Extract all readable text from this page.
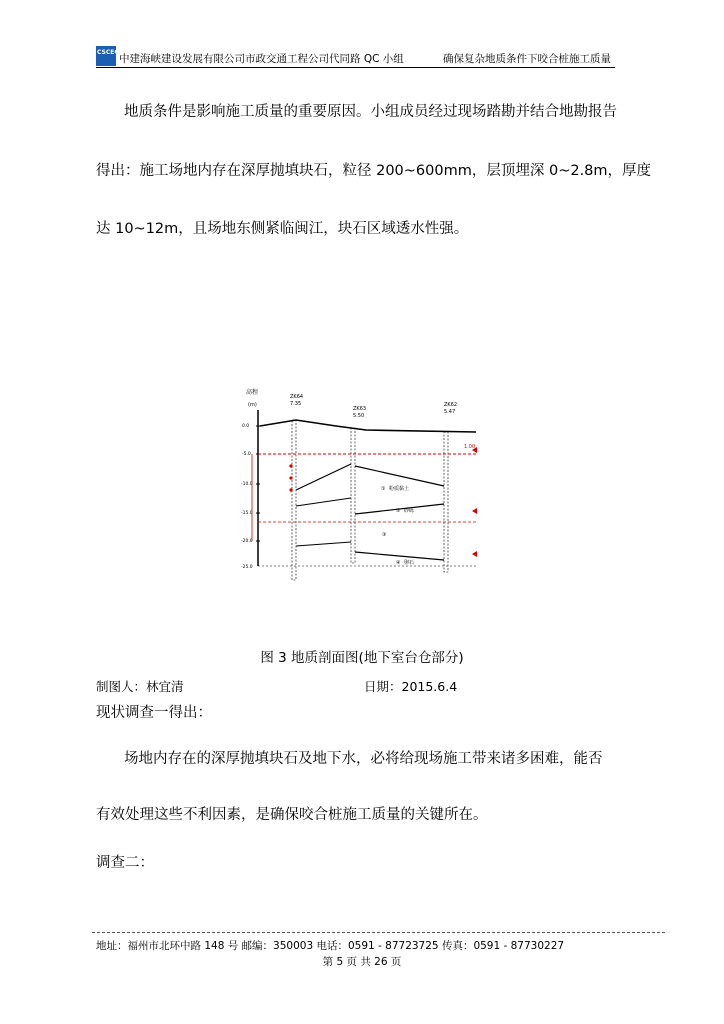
CSCEC
中建海峡建设发展有限公司市政交通工程公司代同路 QC 小组	确保复杂地质条件下咬合桩施工质量
地质条件是影响施工质量的重要原因。小组成员经过现场踏勘并结合地勘报告
得出：施工场地内存在深厚抛填块石，粒径 200~600mm，层顶埋深 0~2.8m，厚度
达 10~12m，且场地东侧紧临闽江，块石区域透水性强。
高程
(m)
0.0
-5.0
-10.0
-15.0
-20.0
-25.0
ZK64
7.35
ZK63
5.50
ZK62
5.47
1.00
① 粉质黏土
② 砂砾
③
④ 卵石
图 3 地质剖面图(地下室台仓部分)
制图人：林宜清	日期：2015.6.4
现状调查一得出：
场地内存在的深厚抛填块石及地下水，必将给现场施工带来诸多困难，能否
有效处理这些不利因素，是确保咬合桩施工质量的关键所在。
调查二：
地址：福州市北环中路 148 号 邮编：350003 电话：0591 - 87723725 传真：0591 - 87730227
第 5 页 共 26 页
